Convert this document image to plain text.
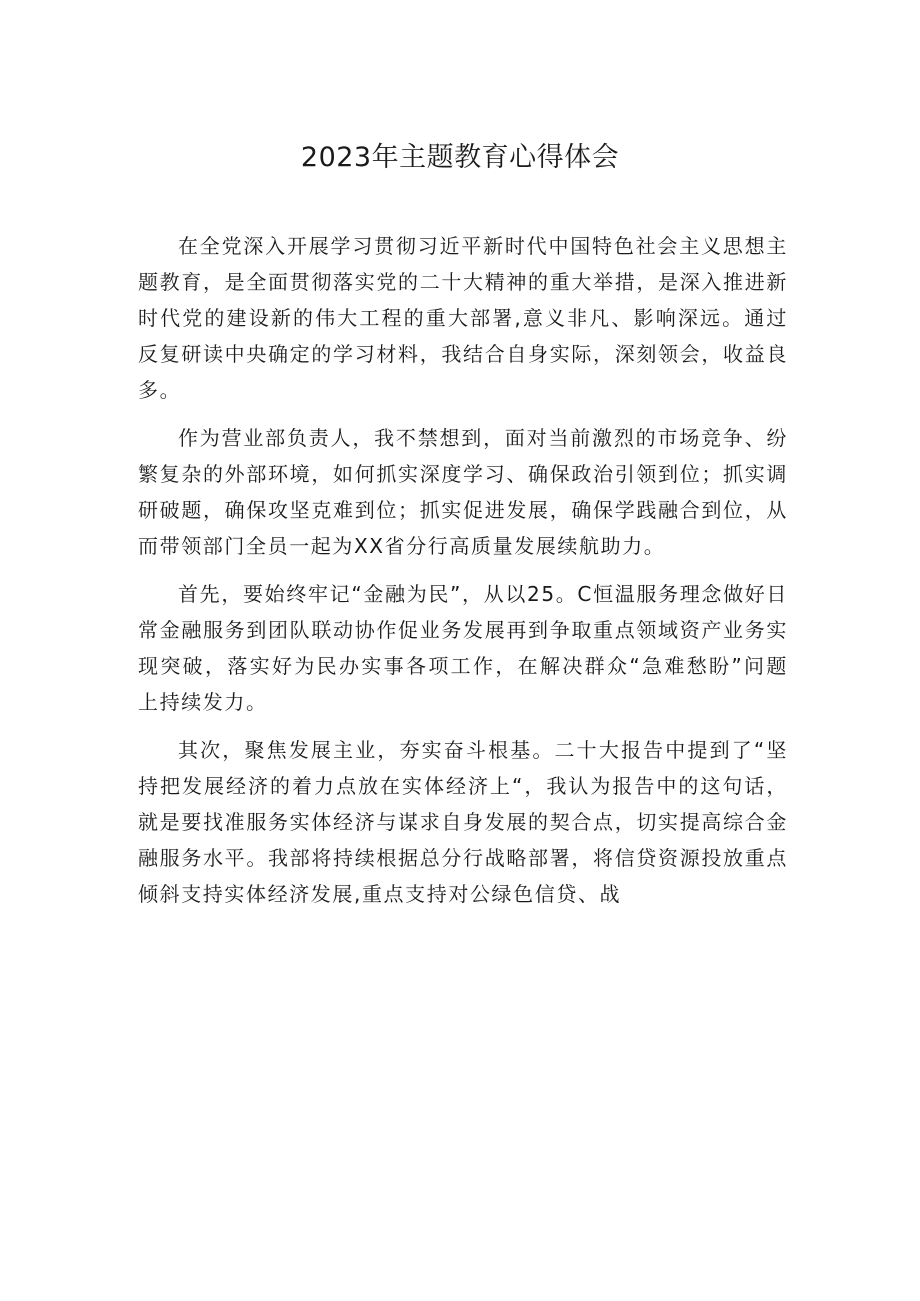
2023年主题教育心得体会

在全党深入开展学习贯彻习近平新时代中国特色社会主义思想主题教育，是全面贯彻落实党的二十大精神的重大举措，是深入推进新时代党的建设新的伟大工程的重大部署,意义非凡、影响深远。通过反复研读中央确定的学习材料，我结合自身实际，深刻领会，收益良多。

作为营业部负责人，我不禁想到，面对当前激烈的市场竞争、纷繁复杂的外部环境，如何抓实深度学习、确保政治引领到位；抓实调研破题，确保攻坚克难到位；抓实促进发展，确保学践融合到位，从而带领部门全员一起为XX省分行高质量发展续航助力。

首先，要始终牢记“金融为民”，从以25。C恒温服务理念做好日常金融服务到团队联动协作促业务发展再到争取重点领域资产业务实现突破，落实好为民办实事各项工作，在解决群众“急难愁盼”问题上持续发力。

其次，聚焦发展主业，夯实奋斗根基。二十大报告中提到了“坚持把发展经济的着力点放在实体经济上“，我认为报告中的这句话，就是要找准服务实体经济与谋求自身发展的契合点，切实提高综合金融服务水平。我部将持续根据总分行战略部署，将信贷资源投放重点倾斜支持实体经济发展,重点支持对公绿色信贷、战
